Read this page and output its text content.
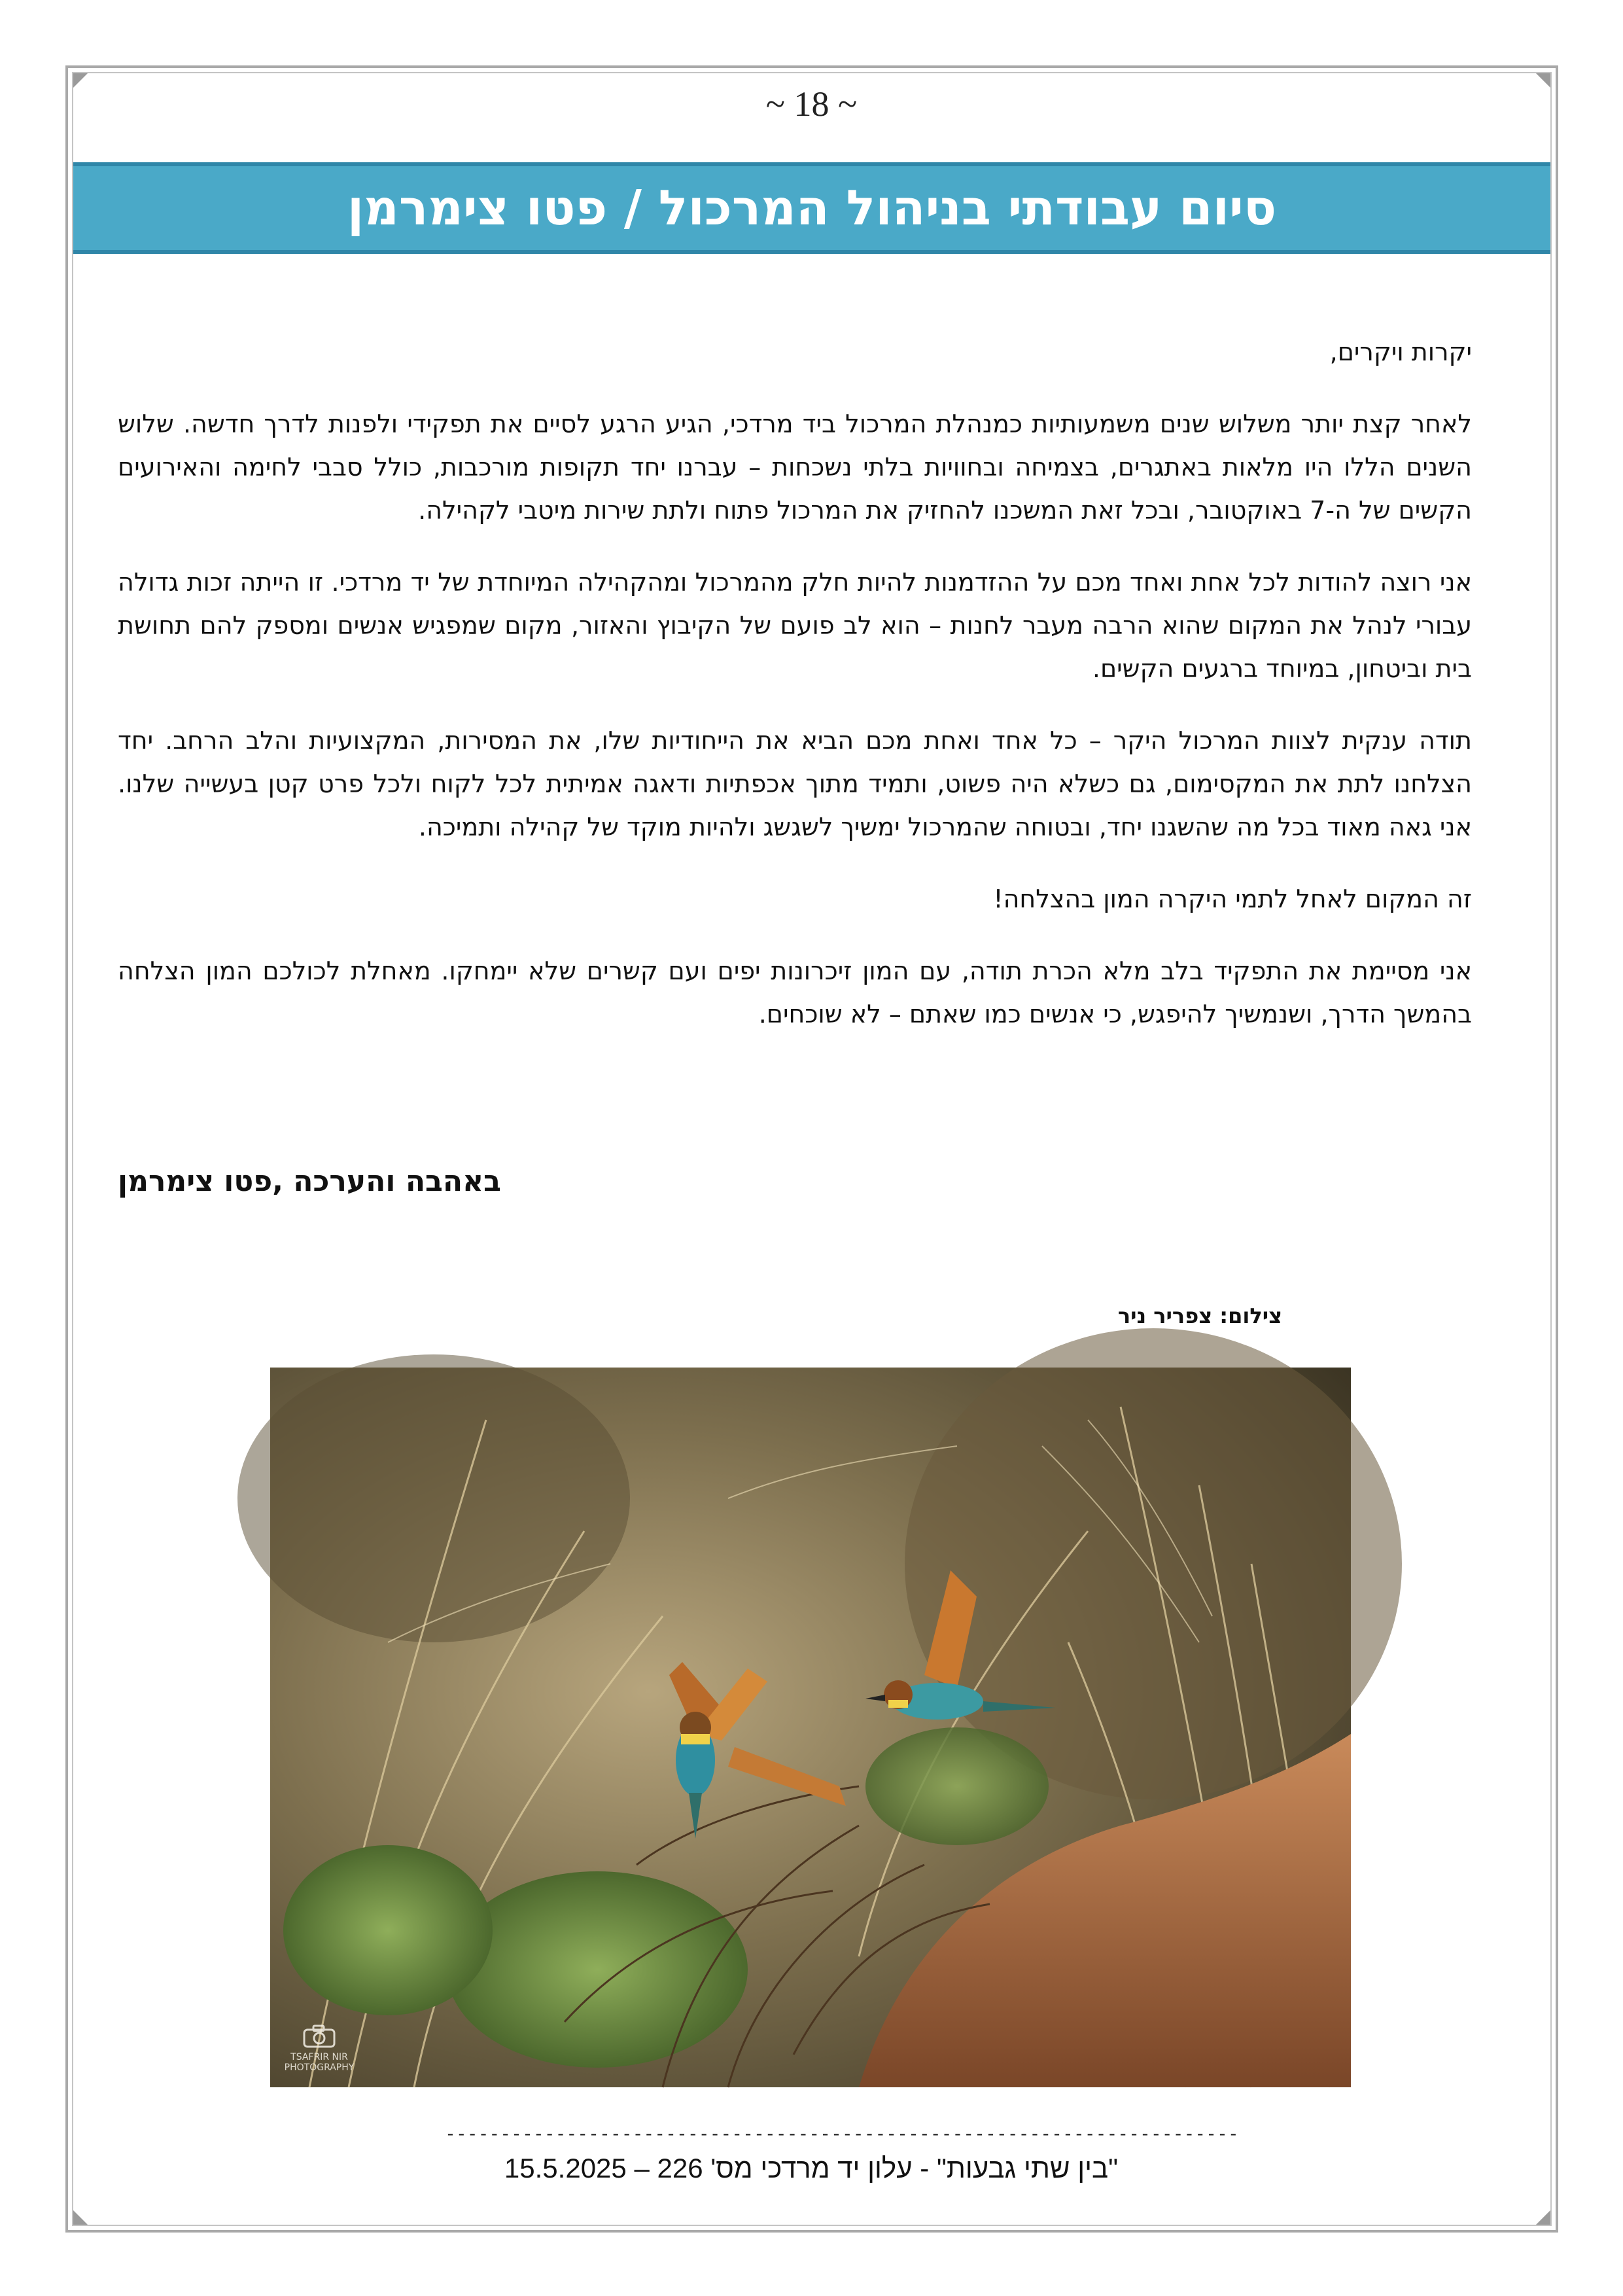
~ 18 ~
סיום עבודתי בניהול המרכול / פטו צימרמן

יקרות ויקרים,

לאחר קצת יותר משלוש שנים משמעותיות כמנהלת המרכול ביד מרדכי, הגיע הרגע לסיים את תפקידי ולפנות לדרך חדשה. שלוש השנים הללו היו מלאות באתגרים, בצמיחה ובחוויות בלתי נשכחות – עברנו יחד תקופות מורכבות, כולל סבבי לחימה והאירועים הקשים של ה-7 באוקטובר, ובכל זאת המשכנו להחזיק את המרכול פתוח ולתת שירות מיטבי לקהילה.

אני רוצה להודות לכל אחת ואחד מכם על ההזדמנות להיות חלק מהמרכול ומהקהילה המיוחדת של יד מרדכי. זו הייתה זכות גדולה עבורי לנהל את המקום שהוא הרבה מעבר לחנות – הוא לב פועם של הקיבוץ והאזור, מקום שמפגיש אנשים ומספק להם תחושת בית וביטחון, במיוחד ברגעים הקשים.

תודה ענקית לצוות המרכול היקר – כל אחד ואחת מכם הביא את הייחודיות שלו, את המסירות, המקצועיות והלב הרחב. יחד הצלחנו לתת את המקסימום, גם כשלא היה פשוט, ותמיד מתוך אכפתיות ודאגה אמיתית לכל לקוח ולכל פרט קטן בעשייה שלנו. אני גאה מאוד בכל מה שהשגנו יחד, ובטוחה שהמרכול ימשיך לשגשג ולהיות מוקד של קהילה ותמיכה.

זה המקום לאחל לתמי היקרה המון בהצלחה!

אני מסיימת את התפקיד בלב מלא הכרת תודה, עם המון זיכרונות יפים ועם קשרים שלא יימחקו. מאחלת לכולכם המון הצלחה בהמשך הדרך, ושנמשיך להיפגש, כי אנשים כמו שאתם – לא שוכחים.

באהבה והערכה ,פטו צימרמן
צילום: צפריר ניר
TSAFRIR NIR
PHOTOGRAPHY
------------------------------------------------------------------------
"בין שתי גבעות" - עלון יד מרדכי מס' 226 – 15.5.2025
